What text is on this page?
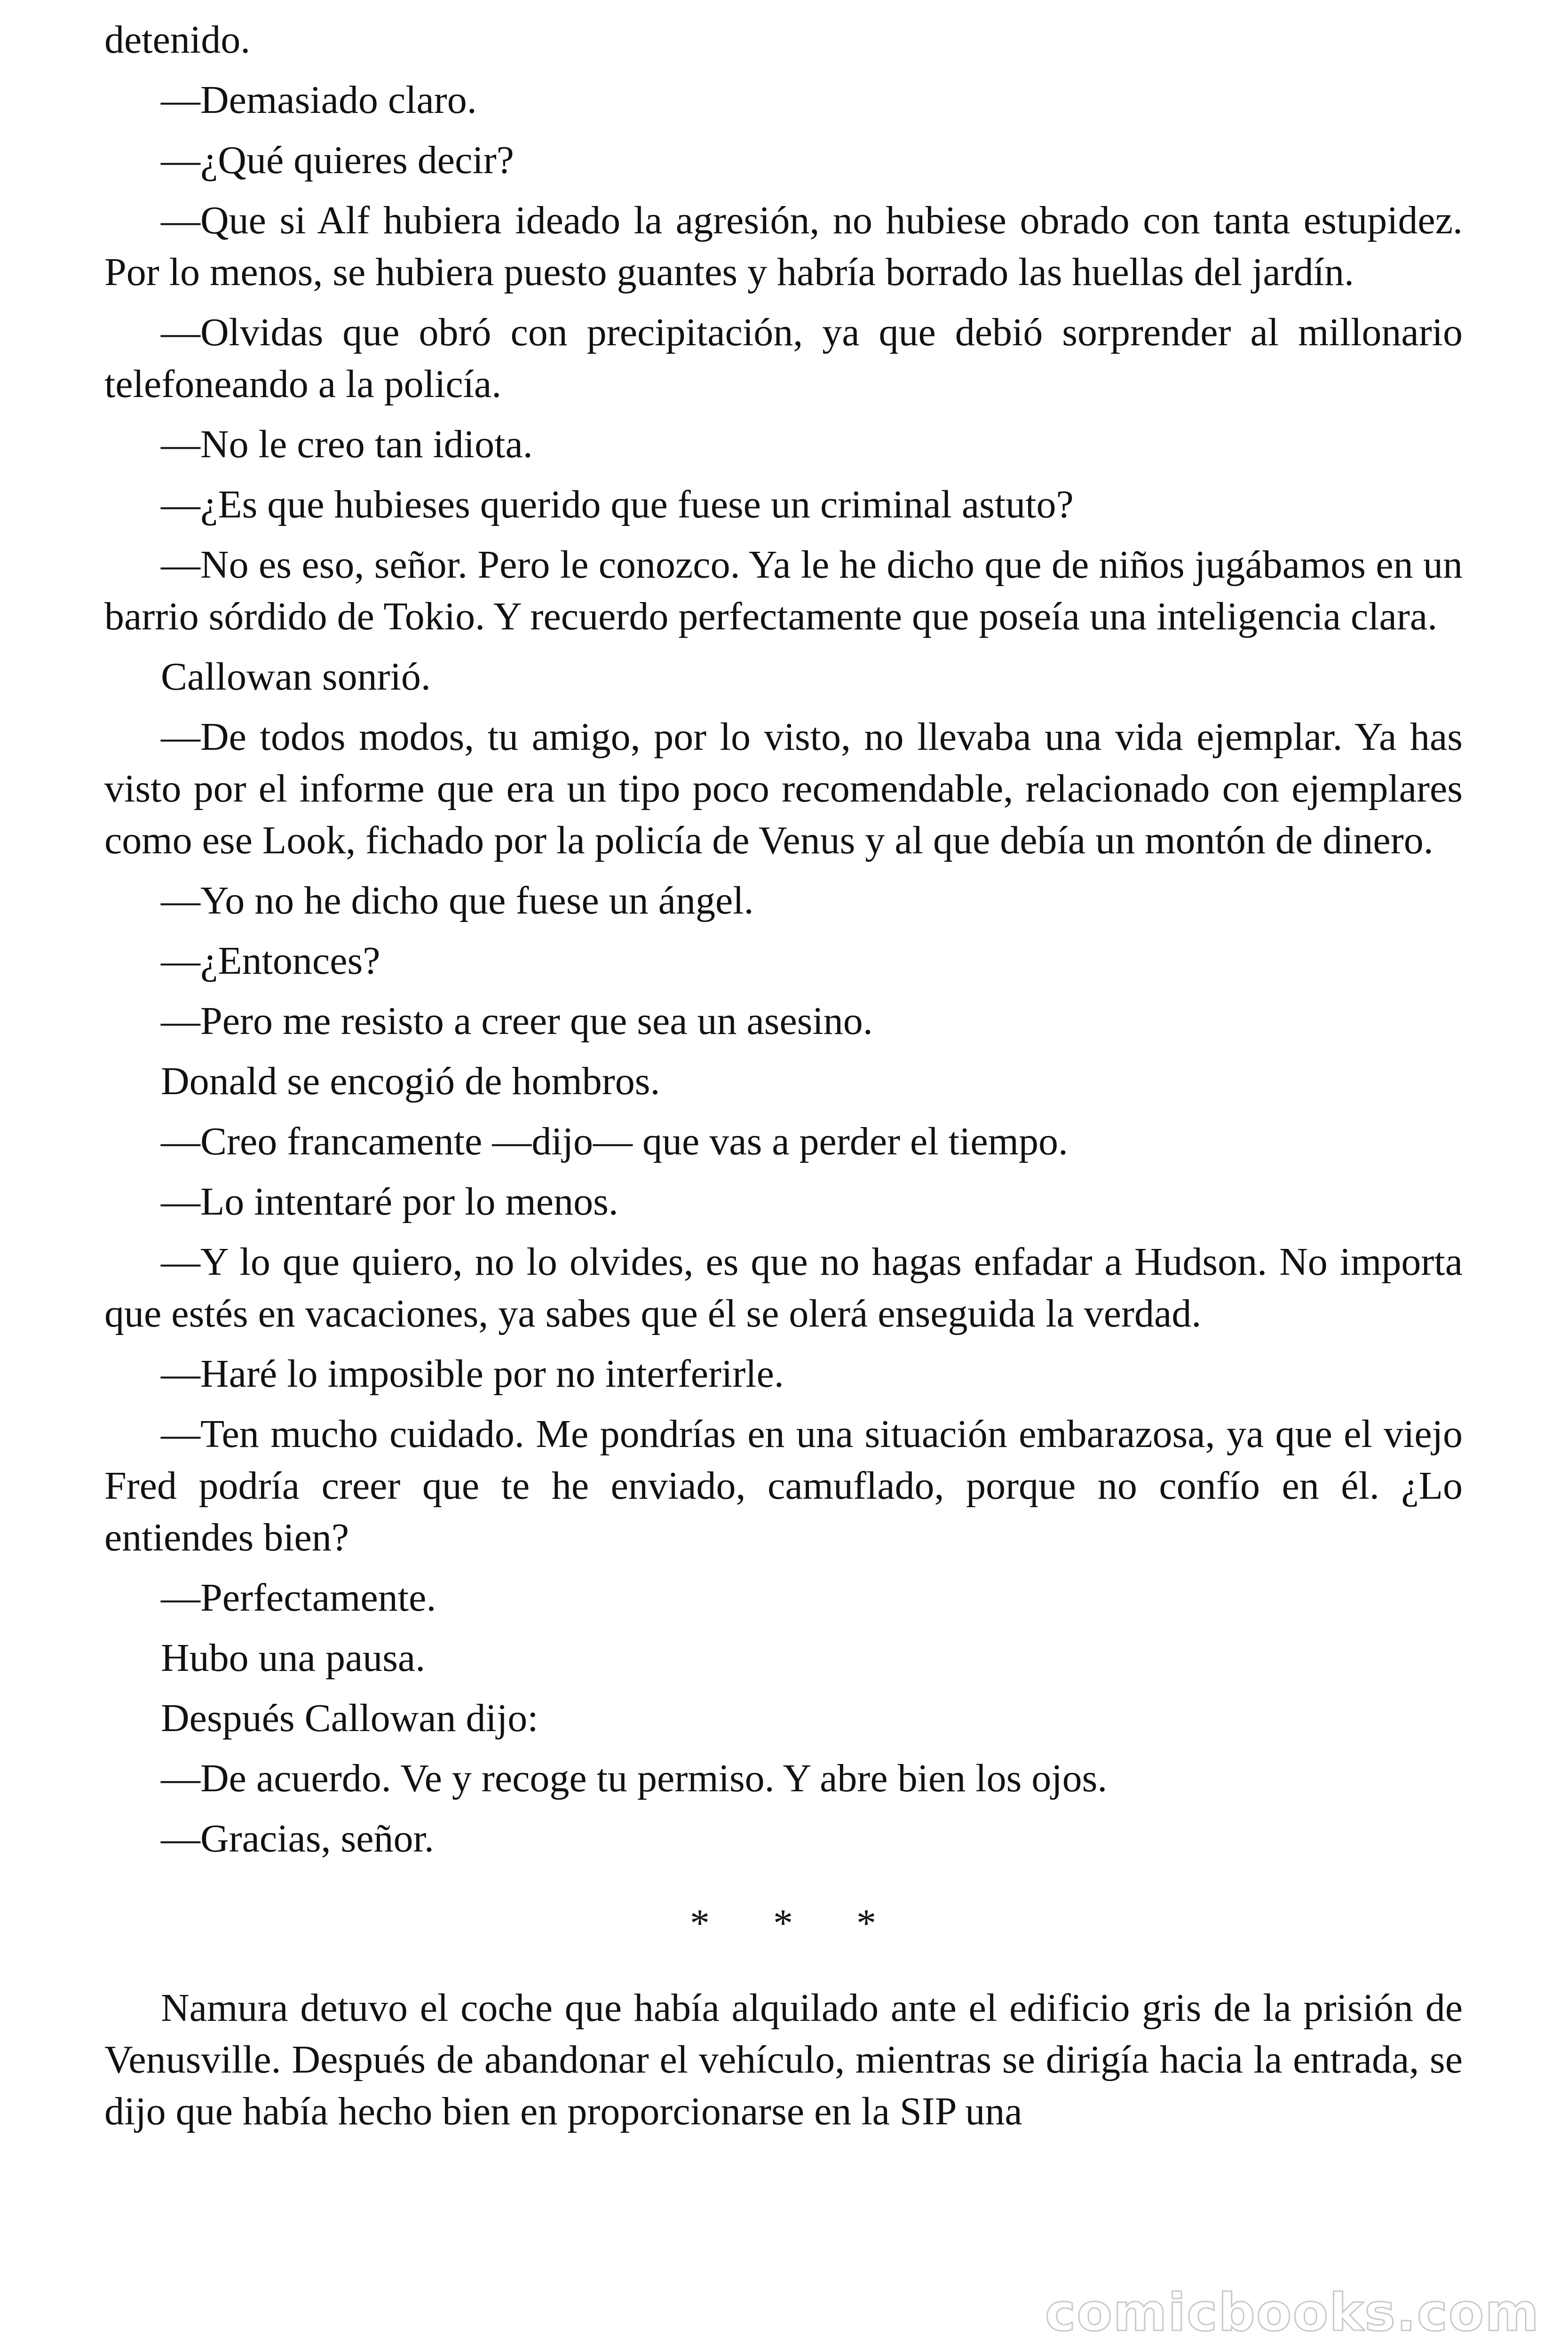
detenido.

—Demasiado claro.

—¿Qué quieres decir?

—Que si Alf hubiera ideado la agresión, no hubiese obrado con tanta estupidez. Por lo menos, se hubiera puesto guantes y habría borrado las huellas del jardín.

—Olvidas que obró con precipitación, ya que debió sorprender al millonario telefoneando a la policía.

—No le creo tan idiota.

—¿Es que hubieses querido que fuese un criminal astuto?

—No es eso, señor. Pero le conozco. Ya le he dicho que de niños jugábamos en un barrio sórdido de Tokio. Y recuerdo perfectamente que poseía una inteligencia clara.

Callowan sonrió.

—De todos modos, tu amigo, por lo visto, no llevaba una vida ejemplar. Ya has visto por el informe que era un tipo poco recomendable, relacionado con ejemplares como ese Look, fichado por la policía de Venus y al que debía un montón de dinero.

—Yo no he dicho que fuese un ángel.

—¿Entonces?

—Pero me resisto a creer que sea un asesino.

Donald se encogió de hombros.

—Creo francamente —dijo— que vas a perder el tiempo.

—Lo intentaré por lo menos.

—Y lo que quiero, no lo olvides, es que no hagas enfadar a Hudson. No importa que estés en vacaciones, ya sabes que él se olerá enseguida la verdad.

—Haré lo imposible por no interferirle.

—Ten mucho cuidado. Me pondrías en una situación embarazosa, ya que el viejo Fred podría creer que te he enviado, camuflado, porque no confío en él. ¿Lo entiendes bien?

—Perfectamente.

Hubo una pausa.

Después Callowan dijo:

—De acuerdo. Ve y recoge tu permiso. Y abre bien los ojos.

—Gracias, señor.

* * *

Namura detuvo el coche que había alquilado ante el edificio gris de la prisión de Venusville. Después de abandonar el vehículo, mientras se dirigía hacia la entrada, se dijo que había hecho bien en proporcionarse en la SIP una

comicbooks.com
